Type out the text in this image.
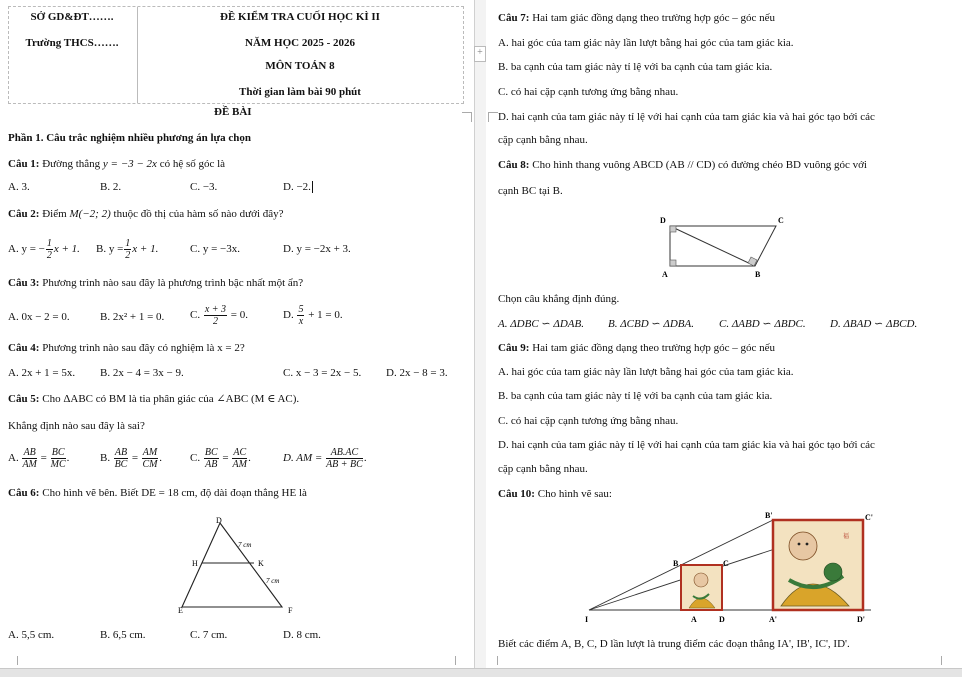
SỞ GD&ĐT…….
Trường THCS…….
ĐỀ KIỂM TRA CUỐI HỌC KÌ II
NĂM HỌC 2025 - 2026
MÔN TOÁN 8
Thời gian làm bài 90 phút
ĐỀ BÀI
Phần 1. Câu trắc nghiệm nhiều phương án lựa chọn
Câu 1: Đường thẳng y = −3 − 2x có hệ số góc là
A. 3.	B. 2.	C. −3.	D. −2.
Câu 2: Điểm M(−2; 2) thuộc đồ thị của hàm số nào dưới đây?
A. y = − $\frac{1}{2}$ x + 1. B. $y = \frac{1}{2}$ x + 1.	C. y = −3x.	D. y = −2x + 3.
Câu 3: Phương trình nào sau đây là phương trình bậc nhất một ẩn?
A. 0x − 2 = 0.	B. 2x² + 1 = 0. C. $\frac{x + 3}{2} = 0$.	D. $\frac{5}{x} + 1 = 0$.
Câu 4: Phương trình nào sau đây có nghiệm là x = 2?
A. 2x + 1 = 5x. B. 2x − 4 = 3x − 9.	C. x − 3 = 2x − 5. D. 2x − 8 = 3.
Câu 5: Cho ΔABC có BM là tia phân giác của ∠ABC (M ∈ AC).
Khẳng định nào sau đây là sai?
A. $\frac{AB}{AM} = \frac{BC}{MC}$ .	B. $\frac{AB}{BC} = \frac{AM}{CM}$ .	C. $\frac{BC}{AB} = \frac{AC}{AM}$ .	D. AM = $\frac{AB.AC}{AB + BC}$ .
Câu 6: Cho hình vẽ bên. Biết DE = 18 cm, độ dài đoạn thẳng HE là
D
H	K
E	F
7 cm
7 cm
A. 5,5 cm.	B. 6,5 cm.	C. 7 cm.	D. 8 cm.
+
Câu 7: Hai tam giác đồng dạng theo trường hợp góc – góc nếu
A. hai góc của tam giác này lần lượt bằng hai góc của tam giác kia.
B. ba cạnh của tam giác này tỉ lệ với ba cạnh của tam giác kia.
C. có hai cặp cạnh tương ứng bằng nhau.
D. hai cạnh của tam giác này tỉ lệ với hai cạnh của tam giác kia và hai góc tạo bởi các
cặp cạnh bằng nhau.
Câu 8: Cho hình thang vuông ABCD (AB // CD) có đường chéo BD vuông góc với
cạnh BC tại B.
D	C
A	B
Chọn câu khẳng định đúng.
A. ΔDBC ∽ ΔDAB. B. ΔCBD ∽ ΔDBA. C. ΔABD ∽ ΔBDC. D. ΔBAD ∽ ΔBCD.
Câu 9: Hai tam giác đồng dạng theo trường hợp góc – góc nếu
A. hai góc của tam giác này lần lượt bằng hai góc của tam giác kia.
B. ba cạnh của tam giác này tỉ lệ với ba cạnh của tam giác kia.
C. có hai cặp cạnh tương ứng bằng nhau.
D. hai cạnh của tam giác này tỉ lệ với hai cạnh của tam giác kia và hai góc tạo bởi các
cặp cạnh bằng nhau.
Câu 10: Cho hình vẽ sau:
福
I	A	D	A'	D'
B	C
B'	C'
Biết các điểm A, B, C, D lần lượt là trung điểm các đoạn thẳng IA', IB', IC', ID'.
